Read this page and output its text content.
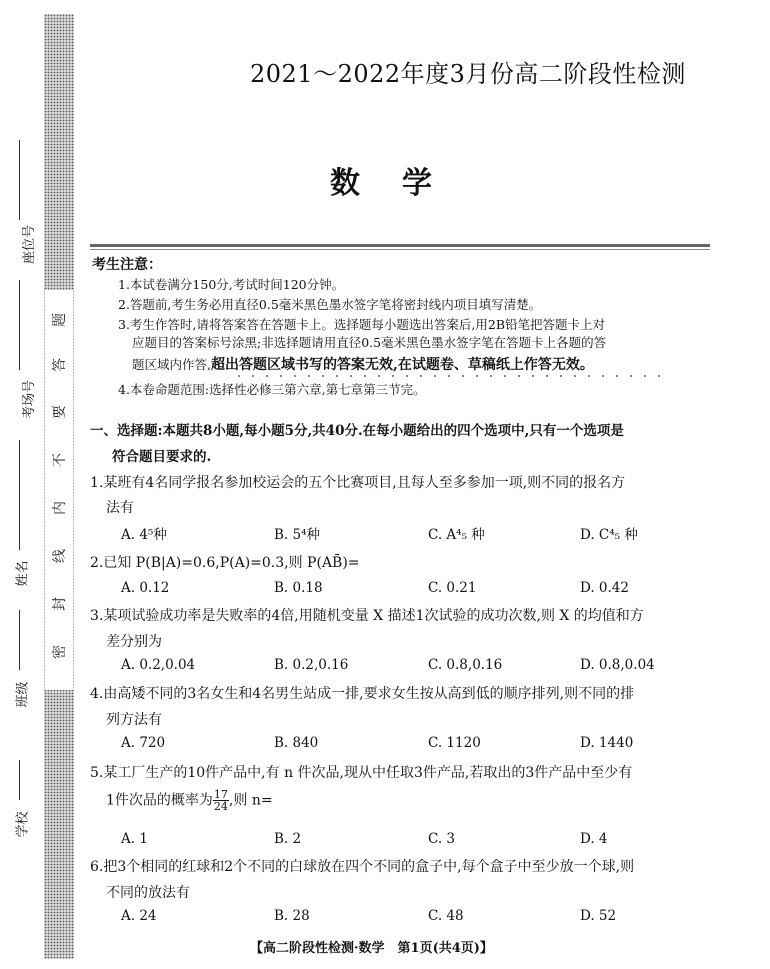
题
答
要
不
内
线
封
密
座位号
考场号
姓名
班级
学校
2021～2022年度3月份高二阶段性检测
数学
考生注意：
1.本试卷满分150分,考试时间120分钟。
2.答题前,考生务必用直径0.5毫米黑色墨水签字笔将密封线内项目填写清楚。
3.考生作答时,请将答案答在答题卡上。选择题每小题选出答案后,用2B铅笔把答题卡上对
应题目的答案标号涂黑;非选择题请用直径0.5毫米黑色墨水签字笔在答题卡上各题的答
题区域内作答,超出答题区域书写的答案无效,在试题卷、草稿纸上作答无效。
4.本卷命题范围:选择性必修三第六章,第七章第三节完。
一、选择题:本题共8小题,每小题5分,共40分.在每小题给出的四个选项中,只有一个选项是
符合题目要求的.
1.某班有4名同学报名参加校运会的五个比赛项目,且每人至多参加一项,则不同的报名方
法有
A. 4⁵种	B. 5⁴种	C. A⁴₅ 种	D. C⁴₅ 种
2.已知 P(B|A)=0.6,P(A)=0.3,则 P(AB̄)=
A. 0.12	B. 0.18	C. 0.21	D. 0.42
3.某项试验成功率是失败率的4倍,用随机变量 X 描述1次试验的成功次数,则 X 的均值和方
差分别为
A. 0.2,0.04	B. 0.2,0.16	C. 0.8,0.16	D. 0.8,0.04
4.由高矮不同的3名女生和4名男生站成一排,要求女生按从高到低的顺序排列,则不同的排
列方法有
A. 720	B. 840	C. 1120	D. 1440
5.某工厂生产的10件产品中,有 n 件次品,现从中任取3件产品,若取出的3件产品中至少有
1件次品的概率为 $\frac{17}{24}$,则 n=
A. 1	B. 2	C. 3	D. 4
6.把3个相同的红球和2个不同的白球放在四个不同的盒子中,每个盒子中至少放一个球,则
不同的放法有
A. 24	B. 28	C. 48	D. 52
【高二阶段性检测·数学　第1页(共4页)】
